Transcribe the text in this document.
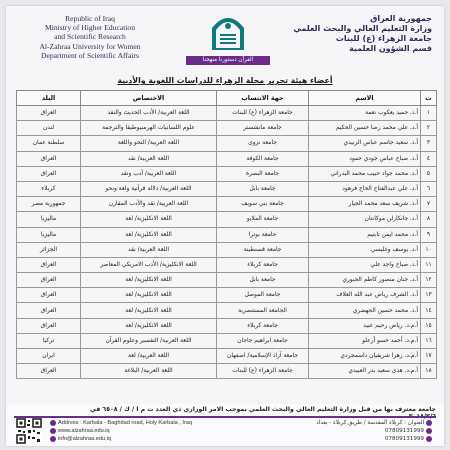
Republic of Iraq
Ministry of Higher Education
and Scientific Research
Al-Zahraa University for Women
Department of Scientific Affairs
القرآن دستورنا منهجنا
جمهورية العراق
وزارة التعليم العالي والبحث العلمي
جامعة الزهراء (ع) للبنات
قسم الشؤون العلمية
أعضاء هيئة تحرير مجلة الزهراء للدراسات اللغوية والأدبية
ت	الاسم	جهة الانتساب	الاختصاص	البلد
١	أ.د. حميد يعكوب نعمة	جامعة الزهراء (ع) للبنات	اللغة العربية/ الأدب الحديث والنقد	العراق
٢	أ.د. علي محمد رضا حسين الحكيم	جامعة مانشستر	علوم اللسانيات الهرمنيوطيقا والترجمة	لندن
٣	أ.د. سعيد جاسم عباس الزبيدي	جامعة نزوى	اللغة العربية/ النحو واللغة	سلطنة عمان
٤	أ.د. صباح عباس جودي حمود	جامعة الكوفة	اللغة العربية/ نقد	العراق
٥	أ.د. محمد جواد حبيب محمد البدراني	جامعة البصرة	اللغة العربية/ أدب ونقد	العراق
٦	أ.د. علي عبدالفتاح الحاج فرهود	جامعة بابل	اللغة العربية/ دلالة قرآنية ولغة ونحو	كربلاء
٧	أ.د. شريف سعد محمد الجيار	جامعة بني سويف	اللغة العربية/ نقد والأدب المقارن	جمهورية مصر
٨	أ.د. جانكارلن موكانتان	جامعة الملايو	اللغة الانكليزية/ لغة	ماليزيا
٩	أ.د. محمد ايمن تابتيم	جامعة بوترا	اللغة الانكليزية/ لغة	ماليزيا
١٠	أ.د. يوسف وغليسي	جامعة قسنطينة	اللغة العربية/ نقد	الجزائر
١١	أ.د. صباح واجد علي	جامعة كربلاء	اللغة الانكليزية/ الأدب الامريكي المعاصر	العراق
١٢	أ.د. جنان منصور كاظم الجبوري	جامعة بابل	اللغة الانكليزية/ لغة	العراق
١٣	أ.د. الشرف رياض عبد الله العلاف	جامعة الموصل	اللغة الانكليزية/ لغة	العراق
١٤	أ.د. محمد حسين الجهضري	الجامعة المستنصرية	اللغة الانكليزية/ لغة	العراق
١٥	أ.م.د. رياض رحيم عبيد	جامعة كربلاء	اللغة الانكليزية/ لغة	العراق
١٦	أ.م.د. أحمد حسو أرعلو	جامعة ابراهيم جاجان	اللغة العربية/ التفسير وعلوم القرآن	تركيا
١٧	أ.م.د. زهرا شريفيان داسمجردي	جامعة آزاد الإسلامية/ اصفهان	اللغة العربية/ لغة	ايران
١٨	أ.م.د. هدى سعيد بدر العبيدي	جامعة الزهراء (ع) للبنات	اللغة العربية/ البلاغة	العراق
جامعة معترف بها من قبل وزارة التعليم العالي والبحث العلمي بموجب الامر الوزاري ذي العدد ت م ا / ك / ٦٥٠٨ في
Address : Karbala - Baghdad road, Holy Karbala , Iraq
www.alzahraa.edu.iq
info@alzahraa.edu.iq
العنوان : كربلاء المقدسة / طريق كربلاء - بغداد
07809131999
07809131999
